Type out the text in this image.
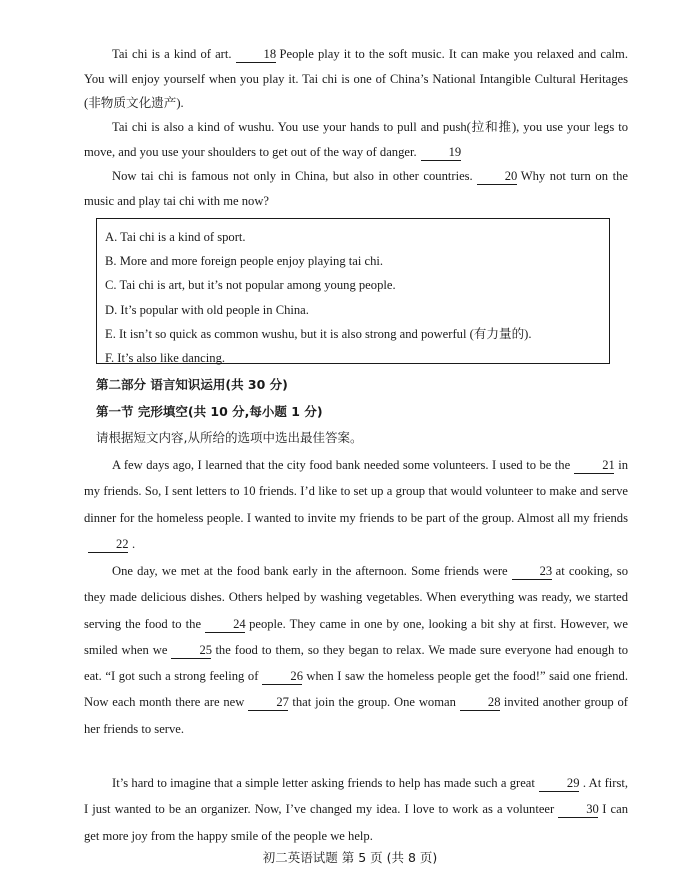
Tai chi is a kind of art.	18 People play it to the soft music. It can make you relaxed and calm. You will enjoy yourself when you play it. Tai chi is one of China’s National Intangible Cultural Heritages (非物质文化遗产).

Tai chi is also a kind of wushu. You use your hands to pull and push(拉和推), you use your legs to move, and you use your shoulders to get out of the way of danger.	19

Now tai chi is famous not only in China, but also in other countries.	20 Why not turn on the music and play tai chi with me now?

A. Tai chi is a kind of sport.
B. More and more foreign people enjoy playing tai chi.
C. Tai chi is art, but it’s not popular among young people.
D. It’s popular with old people in China.
E. It isn’t so quick as common wushu, but it is also strong and powerful (有力量的).
F. It’s also like dancing.
第二部分 语言知识运用(共 30 分)
第一节 完形填空(共 10 分,每小题 1 分)
请根据短文内容,从所给的选项中选出最佳答案。

A few days ago, I learned that the city food bank needed some volunteers. I used to be the	21 in my friends. So, I sent letters to 10 friends. I’d like to set up a group that would volunteer to make and serve dinner for the homeless people. I wanted to invite my friends to be part of the group. Almost all my friends22 .

One day, we met at the food bank early in the afternoon. Some friends were	23 at cooking, so they made delicious dishes. Others helped by washing vegetables. When everything was ready, we started serving the food to the	24 people. They came in one by one, looking a bit shy at first. However, we smiled when we	25 the food to them, so they began to relax. We made sure everyone had enough to eat. “I got such a strong feeling of	26 when I saw the homeless people get the food!” said one friend. Now each month there are new	27 that join the group. One woman	28 invited another group of her friends to serve.

It’s hard to imagine that a simple letter asking friends to help has made such a great	29 . At first, I just wanted to be an organizer. Now, I’ve changed my idea. I love to work as a volunteer	30 I can get more joy from the happy smile of the people we help.

初二英语试题 第 5 页 (共 8 页)
